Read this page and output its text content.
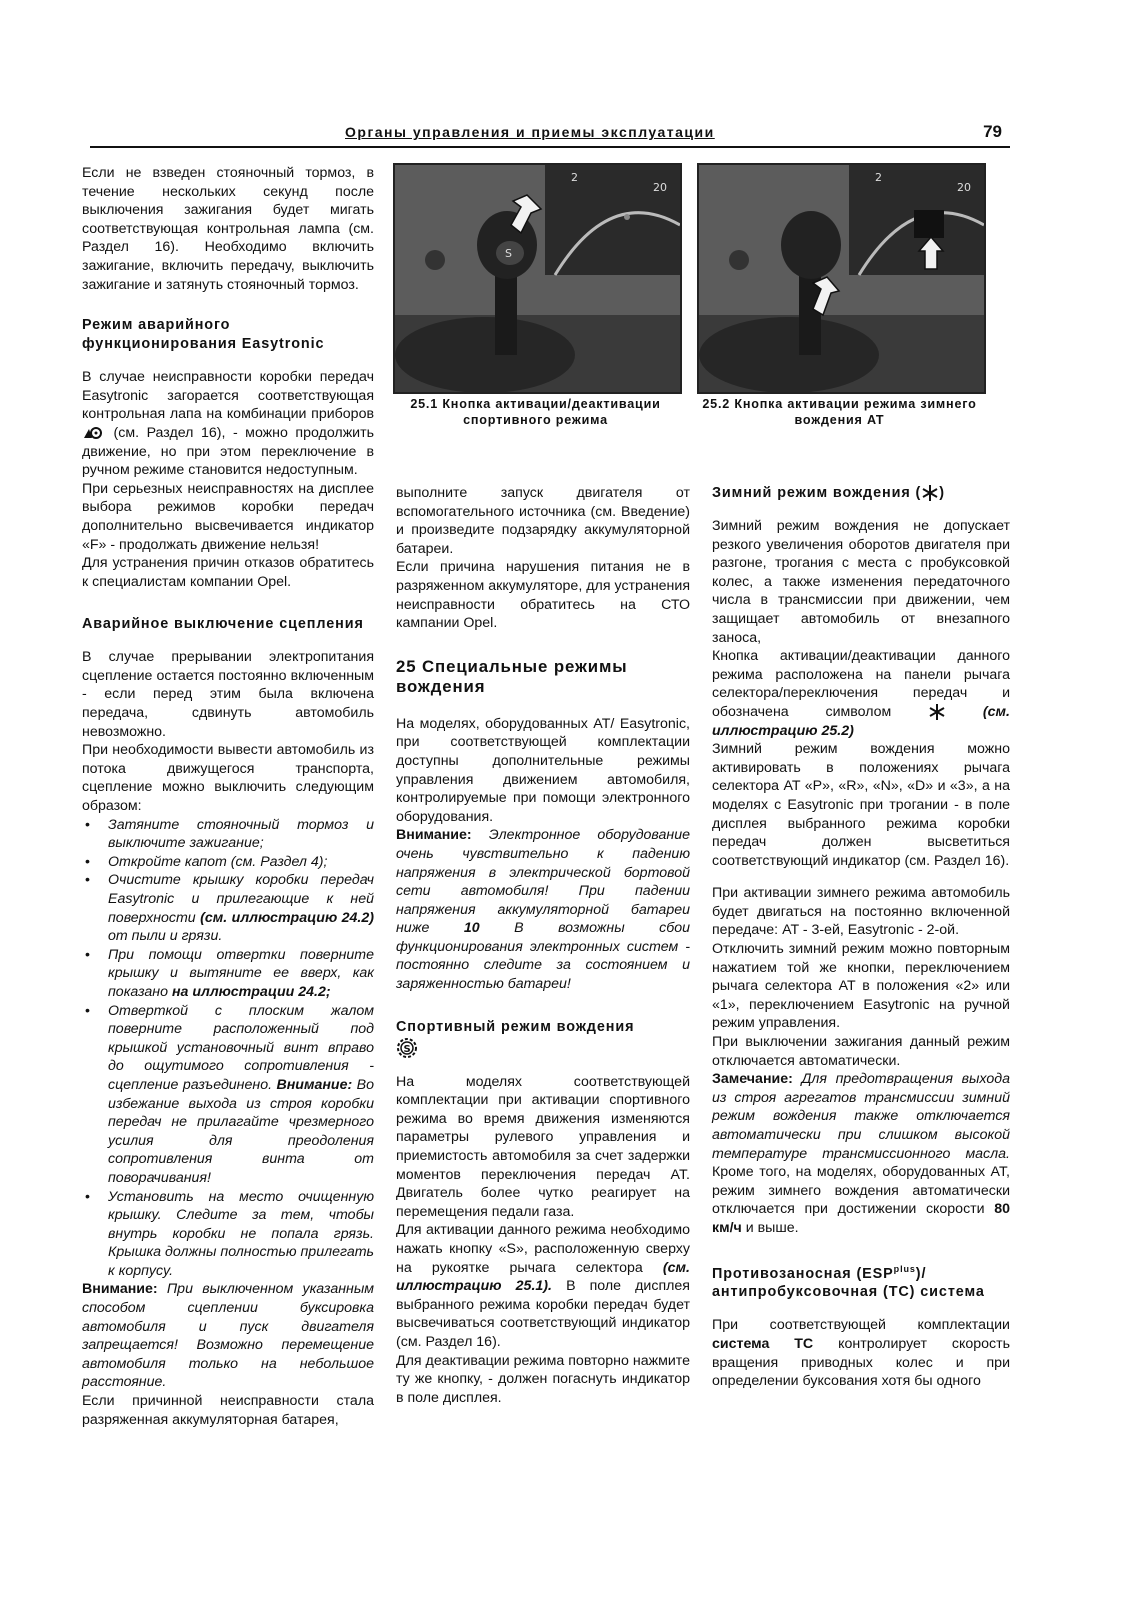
Органы управления и приемы эксплуатации	79

Если не взведен стояночный тормоз, в течение нескольких секунд после выключения зажигания будет мигать соответствующая контрольная лампа (см. Раздел 16). Необходимо включить зажигание, включить передачу, выключить зажигание и затянуть стояночный тормоз.

Режим аварийного функционирования Easytronic

В случае неисправности коробки передач Easytronic загорается соответствующая контрольная лапа на комбинации приборов  (см. Раздел 16), - можно продолжить движение, но при этом переключение в ручном режиме становится недоступным.

При серьезных неисправностях на дисплее выбора режимов коробки передач дополнительно высвечивается индикатор «F» - продолжать движение нельзя!

Для устранения причин отказов обратитесь к специалистам компании Opel.

Аварийное выключение сцепления

В случае прерывании электропитания сцепление остается постоянно включенным - если перед этим была включена передача, сдвинуть автомобиль невозможно.

При необходимости вывести автомобиль из потока движущегося транспорта, сцепление можно выключить следующим образом:

• Затяните стояночный тормоз и выключите зажигание;
• Откройте капот (см. Раздел 4);
• Очистите крышку коробки передач Easytronic и прилегающие к ней поверхности (см. иллюстрацию 24.2) от пыли и грязи.
• При помощи отвертки поверните крышку и вытяните ее вверх, как показано на иллюстрации 24.2;
• Отверткой с плоским жалом поверните расположенный под крышкой установочный винт вправо до ощутимого сопротивления - сцепление разъединено. Внимание: Во избежание выхода из строя коробки передач не прилагайте чрезмерного усилия для преодоления сопротивления винта от поворачивания!
• Установить на место очищенную крышку. Следите за тем, чтобы внутрь коробки не попала грязь. Крышка должны полностью прилегать к корпусу.

Внимание: При выключенном указанным способом сцеплении буксировка автомобиля и пуск двигателя запрещается! Возможно перемещение автомобиля только на небольшое расстояние.

Если причинной неисправности стала разряженная аккумуляторная батарея,

2
20
S
25.1 Кнопка активации/деактивации спортивного режима
2
20
25.2 Кнопка активации режима зимнего вождения AT

выполните запуск двигателя от вспомогательного источника (см. Введение) и произведите подзарядку аккумуляторной батареи.

Если причина нарушения питания не в разряженном аккумуляторе, для устранения неисправности обратитесь на СТО кампании Opel.

25 Специальные режимы вождения

На моделях, оборудованных AT/ Easytronic, при соответствующей комплектации доступны дополнительные режимы управления движением автомобиля, контролируемые при помощи электронного оборудования.

Внимание: Электронное оборудование очень чувствительно к падению напряжения в электрической бортовой сети автомобиля! При падении напряжения аккумуляторной батареи ниже 10 В возможны сбои функционирования электронных систем - постоянно следите за состоянием и заряженностью батареи!

Спортивный режим вождения

S

На моделях соответствующей комплектации при активации спортивного режима во время движения изменяются параметры рулевого управления и приемистость автомобиля за счет задержки моментов переключения передач AT. Двигатель более чутко реагирует на перемещения педали газа.

Для активации данного режима необходимо нажать кнопку «S», расположенную сверху на рукоятке рычага селектора (см. иллюстрацию 25.1). В поле дисплея выбранного режима коробки передач будет высвечиваться соответствующий индикатор (см. Раздел 16).

Для деактивации режима повторно нажмите ту же кнопку, - должен погаснуть индикатор в поле дисплея.

Зимний режим вождения ( )

Зимний режим вождения не допускает резкого увеличения оборотов двигателя при разгоне, трогания с места с пробуксовкой колес, а также изменения передаточного числа в трансмиссии при движении, чем защищает автомобиль от внезапного заноса,

Кнопка активации/деактивации данного режима расположена на панели рычага селектора/переключения передач и обозначена символом	(см. иллюстрацию 25.2)

Зимний режим вождения можно активировать в положениях рычага селектора AT «P», «R», «N», «D» и «3», а на моделях с Easytronic при трогании - в поле дисплея выбранного режима коробки передач должен высветиться соответствующий индикатор (см. Раздел 16).

При активации зимнего режима автомобиль будет двигаться на постоянно включенной передаче: AT - 3-ей, Easytronic - 2-ой.

Отключить зимний режим можно повторным нажатием той же кнопки, переключением рычага селектора AT в положения «2» или «1», переключением Easytronic на ручной режим управления.

При выключении зажигания данный режим отключается автоматически.

Замечание: Для предотвращения выхода из строя агрегатов трансмиссии зимний режим вождения также отключается автоматически при слишком высокой температуре трансмиссионного масла. Кроме того, на моделях, оборудованных AT, режим зимнего вождения автоматически отключается при достижении скорости 80 км/ч и выше.

Противозаносная $(ESP^{plus})/$ антипробуксовочная (ТС) система

При соответствующей комплектации система ТС контролирует скорость вращения приводных колес и при определении буксования хотя бы одного
